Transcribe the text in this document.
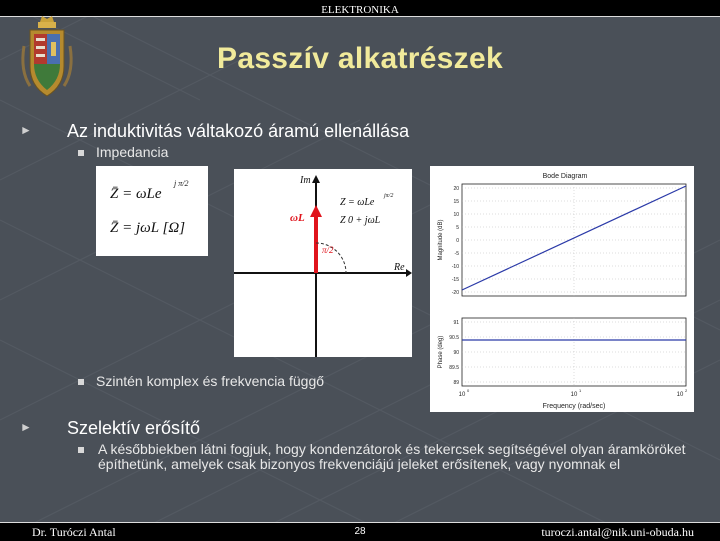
ELEKTRONIKA
Passzív alkatrészek
► Az induktivitás váltakozó áramú ellenállása
Impedancia
Z̄ = ωLe
j π/2
Z̄ = jωL [Ω]
Im
Re
ωL
π/2
Z = ωLe
jπ/2
Z 0 + jωL
Bode Diagram
20
15
10
5
0
-5
-10
-15
-20
91
90.5
90
89.5
89
Magnitude (dB)
Phase (deg)
Frequency (rad/sec)
10
0
10
1
10
2
Szintén komplex és frekvencia függő
► Szelektív erősítő
A későbbiekben látni fogjuk, hogy kondenzátorok és tekercsek segítségével olyan áramköröket építhetünk, amelyek csak bizonyos frekvenciájú jeleket erősítenek, vagy nyomnak el
Dr. Turóczi Antal	28	turoczi.antal@nik.uni-obuda.hu
